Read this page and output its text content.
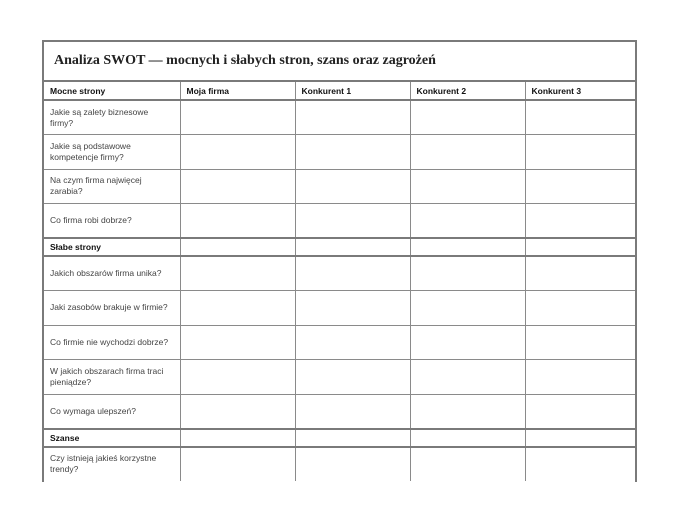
Analiza SWOT — mocnych i słabych stron, szans oraz zagrożeń
Mocne strony	Moja firma	Konkurent 1	Konkurent 2	Konkurent 3
Jakie są zalety biznesowe firmy?				
Jakie są podstawowe kompetencje firmy?				
Na czym firma najwięcej zarabia?				
Co firma robi dobrze?				
Słabe strony				
Jakich obszarów firma unika?				
Jaki zasobów brakuje w firmie?				
Co firmie nie wychodzi dobrze?				
W jakich obszarach firma traci pieniądze?				
Co wymaga ulepszeń?				
Szanse				
Czy istnieją jakieś korzystne trendy?				
